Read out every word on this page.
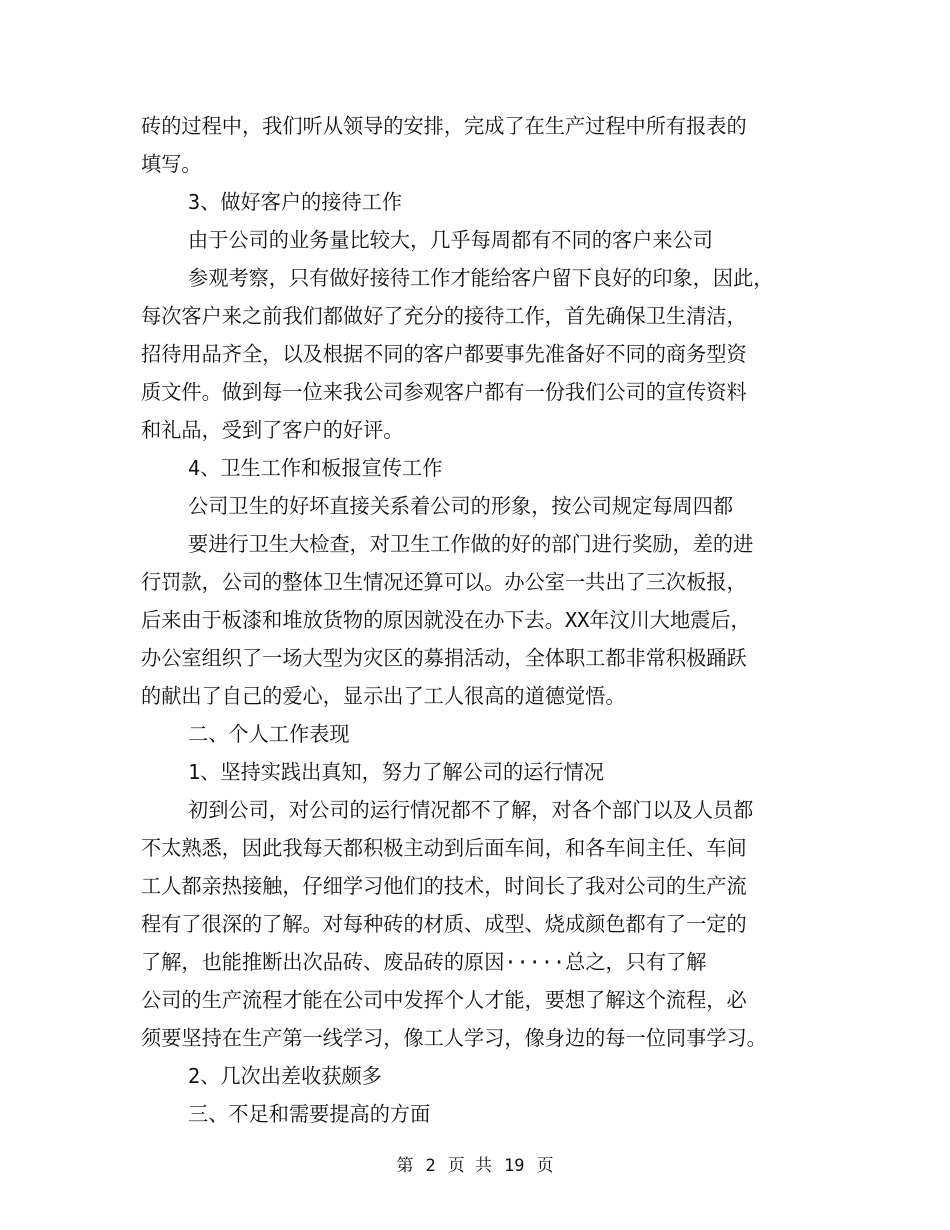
砖的过程中，我们听从领导的安排，完成了在生产过程中所有报表的
填写。
3、做好客户的接待工作
由于公司的业务量比较大，几乎每周都有不同的客户来公司
参观考察，只有做好接待工作才能给客户留下良好的印象，因此，
每次客户来之前我们都做好了充分的接待工作，首先确保卫生清洁，
招待用品齐全，以及根据不同的客户都要事先准备好不同的商务型资
质文件。做到每一位来我公司参观客户都有一份我们公司的宣传资料
和礼品，受到了客户的好评。
4、卫生工作和板报宣传工作
公司卫生的好坏直接关系着公司的形象，按公司规定每周四都
要进行卫生大检查，对卫生工作做的好的部门进行奖励，差的进
行罚款，公司的整体卫生情况还算可以。办公室一共出了三次板报，
后来由于板漆和堆放货物的原因就没在办下去。XX年汶川大地震后，
办公室组织了一场大型为灾区的募捐活动，全体职工都非常积极踊跃
的献出了自己的爱心，显示出了工人很高的道德觉悟。
二、个人工作表现
1、坚持实践出真知，努力了解公司的运行情况
初到公司，对公司的运行情况都不了解，对各个部门以及人员都
不太熟悉，因此我每天都积极主动到后面车间，和各车间主任、车间
工人都亲热接触，仔细学习他们的技术，时间长了我对公司的生产流
程有了很深的了解。对每种砖的材质、成型、烧成颜色都有了一定的
了解，也能推断出次品砖、废品砖的原因·····总之，只有了解
公司的生产流程才能在公司中发挥个人才能，要想了解这个流程，必
须要坚持在生产第一线学习，像工人学习，像身边的每一位同事学习。
2、几次出差收获颇多
三、不足和需要提高的方面
第 2 页 共 19 页
